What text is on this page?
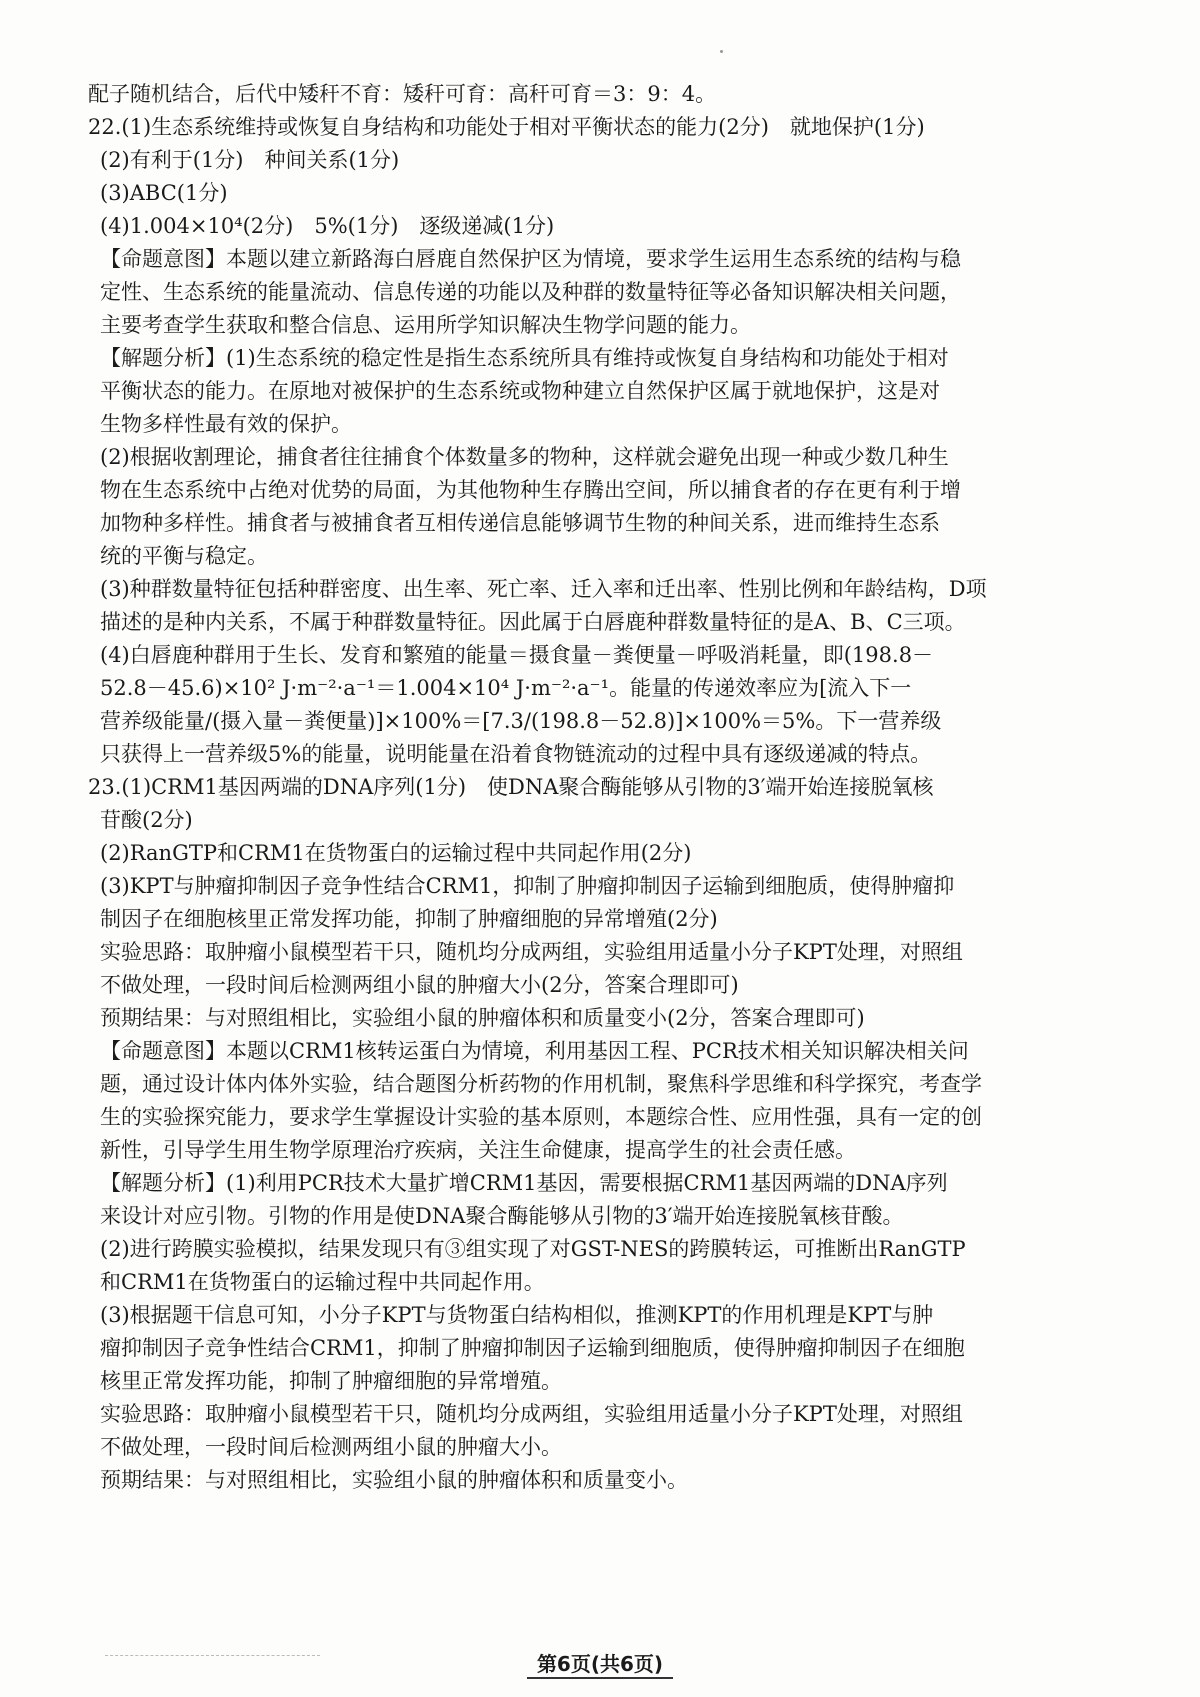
配子随机结合，后代中矮秆不育：矮秆可育：高秆可育＝3：9：4。
22.(1)生态系统维持或恢复自身结构和功能处于相对平衡状态的能力(2分)　就地保护(1分)
(2)有利于(1分)　种间关系(1分)
(3)ABC(1分)
(4)1.004×10⁴(2分)　5%(1分)　逐级递减(1分)
【命题意图】本题以建立新路海白唇鹿自然保护区为情境，要求学生运用生态系统的结构与稳
定性、生态系统的能量流动、信息传递的功能以及种群的数量特征等必备知识解决相关问题，
主要考查学生获取和整合信息、运用所学知识解决生物学问题的能力。
【解题分析】(1)生态系统的稳定性是指生态系统所具有维持或恢复自身结构和功能处于相对
平衡状态的能力。在原地对被保护的生态系统或物种建立自然保护区属于就地保护，这是对
生物多样性最有效的保护。
(2)根据收割理论，捕食者往往捕食个体数量多的物种，这样就会避免出现一种或少数几种生
物在生态系统中占绝对优势的局面，为其他物种生存腾出空间，所以捕食者的存在更有利于增
加物种多样性。捕食者与被捕食者互相传递信息能够调节生物的种间关系，进而维持生态系
统的平衡与稳定。
(3)种群数量特征包括种群密度、出生率、死亡率、迁入率和迁出率、性别比例和年龄结构，D项
描述的是种内关系，不属于种群数量特征。因此属于白唇鹿种群数量特征的是A、B、C三项。
(4)白唇鹿种群用于生长、发育和繁殖的能量＝摄食量－粪便量－呼吸消耗量，即(198.8－
52.8－45.6)×10² J·m⁻²·a⁻¹＝1.004×10⁴ J·m⁻²·a⁻¹。能量的传递效率应为[流入下一
营养级能量/(摄入量－粪便量)]×100%＝[7.3/(198.8－52.8)]×100%＝5%。下一营养级
只获得上一营养级5%的能量，说明能量在沿着食物链流动的过程中具有逐级递减的特点。
23.(1)CRM1基因两端的DNA序列(1分)　使DNA聚合酶能够从引物的3′端开始连接脱氧核
苷酸(2分)
(2)RanGTP和CRM1在货物蛋白的运输过程中共同起作用(2分)
(3)KPT与肿瘤抑制因子竞争性结合CRM1，抑制了肿瘤抑制因子运输到细胞质，使得肿瘤抑
制因子在细胞核里正常发挥功能，抑制了肿瘤细胞的异常增殖(2分)
实验思路：取肿瘤小鼠模型若干只，随机均分成两组，实验组用适量小分子KPT处理，对照组
不做处理，一段时间后检测两组小鼠的肿瘤大小(2分，答案合理即可)
预期结果：与对照组相比，实验组小鼠的肿瘤体积和质量变小(2分，答案合理即可)
【命题意图】本题以CRM1核转运蛋白为情境，利用基因工程、PCR技术相关知识解决相关问
题，通过设计体内体外实验，结合题图分析药物的作用机制，聚焦科学思维和科学探究，考查学
生的实验探究能力，要求学生掌握设计实验的基本原则，本题综合性、应用性强，具有一定的创
新性，引导学生用生物学原理治疗疾病，关注生命健康，提高学生的社会责任感。
【解题分析】(1)利用PCR技术大量扩增CRM1基因，需要根据CRM1基因两端的DNA序列
来设计对应引物。引物的作用是使DNA聚合酶能够从引物的3′端开始连接脱氧核苷酸。
(2)进行跨膜实验模拟，结果发现只有③组实现了对GST-NES的跨膜转运，可推断出RanGTP
和CRM1在货物蛋白的运输过程中共同起作用。
(3)根据题干信息可知，小分子KPT与货物蛋白结构相似，推测KPT的作用机理是KPT与肿
瘤抑制因子竞争性结合CRM1，抑制了肿瘤抑制因子运输到细胞质，使得肿瘤抑制因子在细胞
核里正常发挥功能，抑制了肿瘤细胞的异常增殖。
实验思路：取肿瘤小鼠模型若干只，随机均分成两组，实验组用适量小分子KPT处理，对照组
不做处理，一段时间后检测两组小鼠的肿瘤大小。
预期结果：与对照组相比，实验组小鼠的肿瘤体积和质量变小。
第6页(共6页)
